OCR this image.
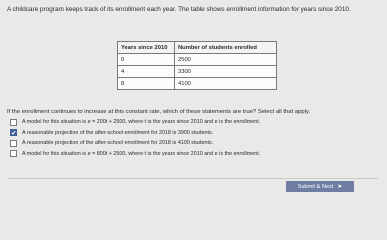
A childcare program keeps track of its enrollment each year. The table shows enrollment information for years since 2010.
Years since 2010	Number of students enrolled
0	2500
4	3300
8	4100
If the enrollment continues to increase at this constant rate, which of these statements are true? Select all that apply.
A model for this situation is e = 200t + 2500, where t is the years since 2010 and e is the enrollment.
A reasonable projection of the after-school enrollment for 2018 is 3900 students.
A reasonable projection of the after-school enrollment for 2018 is 4100 students.
A model for this situation is e = 800t + 2500, where t is the years since 2010 and e is the enrollment.
Submit & Next ➤
